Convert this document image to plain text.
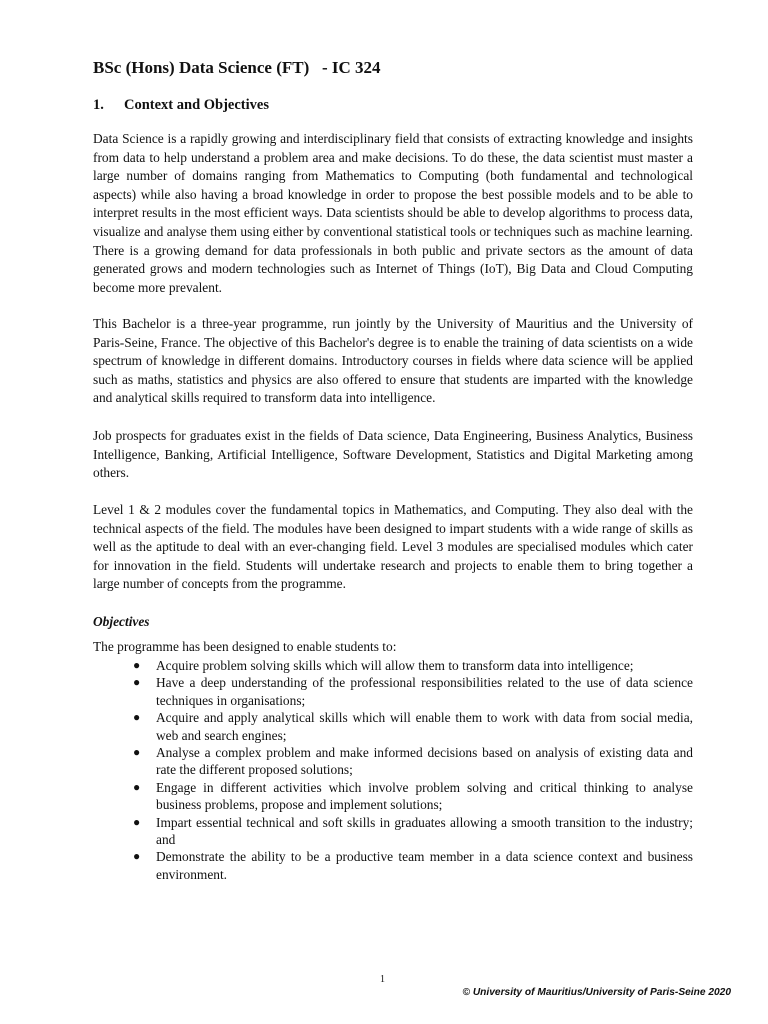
BSc (Hons) Data Science (FT)   - IC 324
1. Context and Objectives

Data Science is a rapidly growing and interdisciplinary field that consists of extracting knowledge and insights from data to help understand a problem area and make decisions. To do these, the data scientist must master a large number of domains ranging from Mathematics to Computing (both fundamental and technological aspects) while also having a broad knowledge in order to propose the best possible models and to be able to interpret results in the most efficient ways. Data scientists should be able to develop algorithms to process data, visualize and analyse them using either by conventional statistical tools or techniques such as machine learning. There is a growing demand for data professionals in both public and private sectors as the amount of data generated grows and modern technologies such as Internet of Things (IoT), Big Data and Cloud Computing become more prevalent.

This Bachelor is a three-year programme, run jointly by the University of Mauritius and the University of Paris-Seine, France. The objective of this Bachelor's degree is to enable the training of data scientists on a wide spectrum of knowledge in different domains. Introductory courses in fields where data science will be applied such as maths, statistics and physics are also offered to ensure that students are imparted with the knowledge and analytical skills required to transform data into intelligence.

Job prospects for graduates exist in the fields of Data science, Data Engineering, Business Analytics, Business Intelligence, Banking, Artificial Intelligence, Software Development, Statistics and Digital Marketing among others.

Level 1 & 2 modules cover the fundamental topics in Mathematics, and Computing. They also deal with the technical aspects of the field. The modules have been designed to impart students with a wide range of skills as well as the aptitude to deal with an ever-changing field. Level 3 modules are specialised modules which cater for innovation in the field. Students will undertake research and projects to enable them to bring together a large number of concepts from the programme.

Objectives

The programme has been designed to enable students to:

● Acquire problem solving skills which will allow them to transform data into intelligence;
● Have a deep understanding of the professional responsibilities related to the use of data science techniques in organisations;
● Acquire and apply analytical skills which will enable them to work with data from social media, web and search engines;
● Analyse a complex problem and make informed decisions based on analysis of existing data and rate the different proposed solutions;
● Engage in different activities which involve problem solving and critical thinking to analyse business problems, propose and implement solutions;
● Impart essential technical and soft skills in graduates allowing a smooth transition to the industry; and
● Demonstrate the ability to be a productive team member in a data science context and business environment.

1

© University of Mauritius/University of Paris-Seine 2020
